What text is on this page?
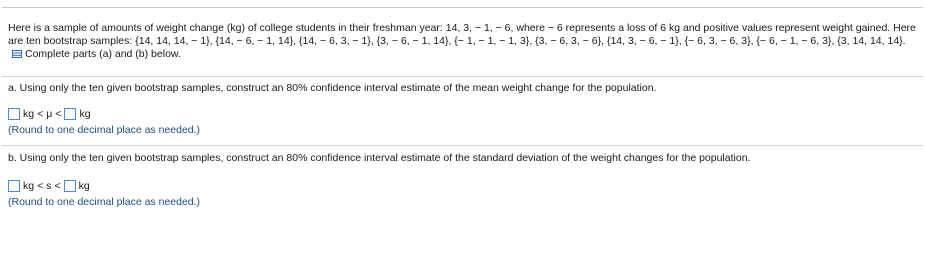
Here is a sample of amounts of weight change (kg) of college students in their freshman year: 14, 3, − 1, − 6, where − 6 represents a loss of 6 kg and positive values represent weight gained. Here are ten bootstrap samples: {14, 14, 14, − 1}, {14, − 6, − 1, 14}, {14, − 6, 3, − 1}, {3, − 6, − 1, 14}, {− 1, − 1, − 1, 3}, {3, − 6, 3, − 6}, {14, 3, − 6, − 1}, {− 6, 3, − 6, 3}, {− 6, − 1, − 6, 3}, {3, 14, 14, 14}.Complete parts (a) and (b) below.

a. Using only the ten given bootstrap samples, construct an 80% confidence interval estimate of the mean weight change for the population.

kg < μ < kg

(Round to one decimal place as needed.)

b. Using only the ten given bootstrap samples, construct an 80% confidence interval estimate of the standard deviation of the weight changes for the population.

kg < s < kg

(Round to one decimal place as needed.)
